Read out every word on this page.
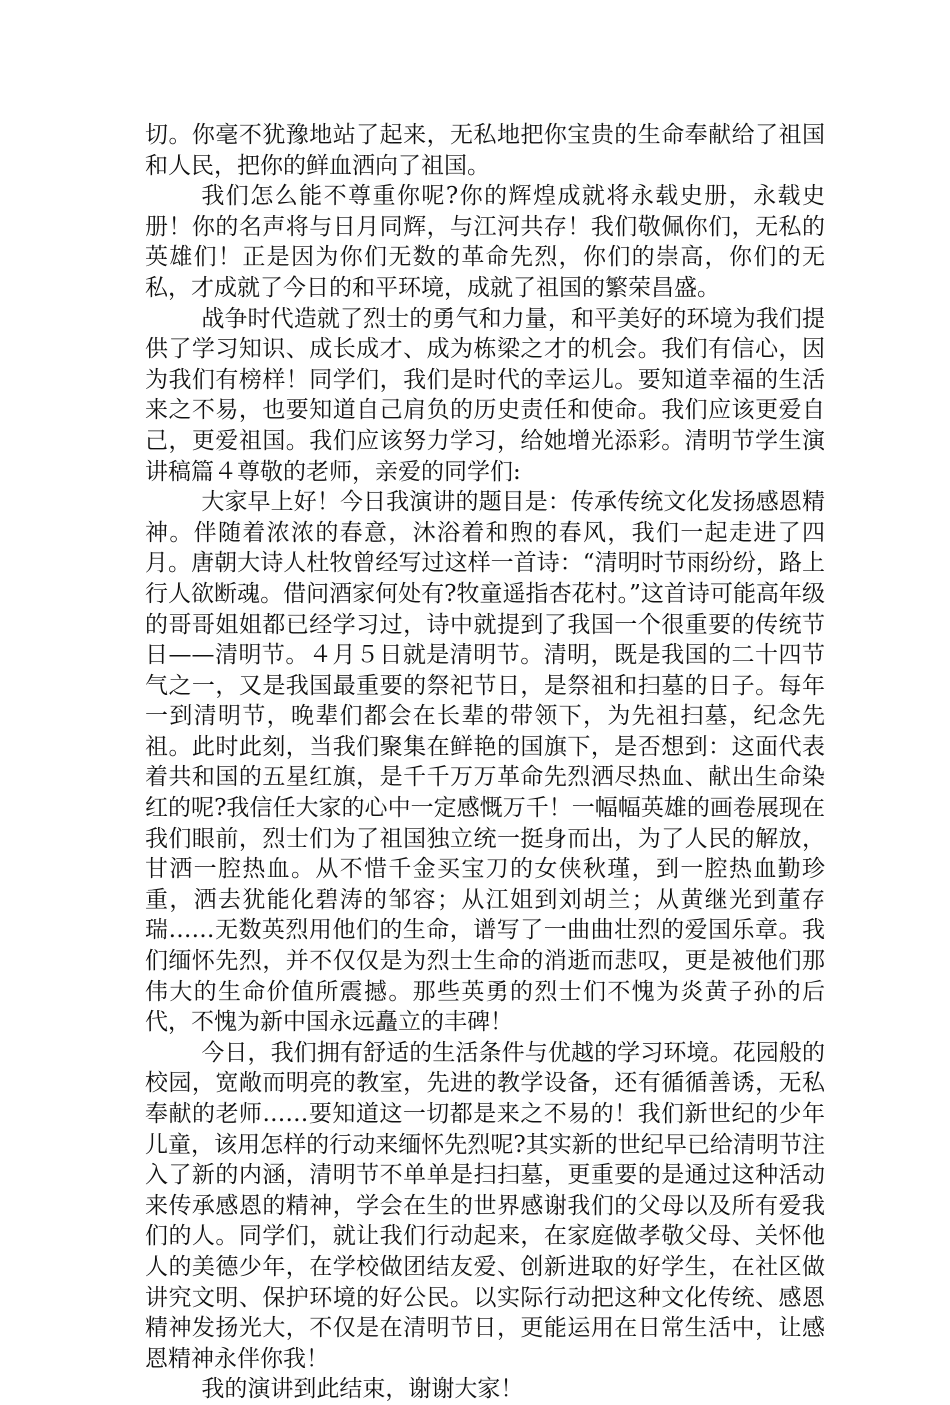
切。你毫不犹豫地站了起来，无私地把你宝贵的生命奉献给了祖国和人民，把你的鲜血洒向了祖国。

我们怎么能不尊重你呢?你的辉煌成就将永载史册，永载史册！你的名声将与日月同辉，与江河共存！我们敬佩你们，无私的英雄们！正是因为你们无数的革命先烈，你们的崇高，你们的无私，才成就了今日的和平环境，成就了祖国的繁荣昌盛。

战争时代造就了烈士的勇气和力量，和平美好的环境为我们提供了学习知识、成长成才、成为栋梁之才的机会。我们有信心，因为我们有榜样！同学们，我们是时代的幸运儿。要知道幸福的生活来之不易，也要知道自己肩负的历史责任和使命。我们应该更爱自己，更爱祖国。我们应该努力学习，给她增光添彩。清明节学生演讲稿篇４尊敬的老师，亲爱的同学们:

大家早上好！今日我演讲的题目是：传承传统文化发扬感恩精神。伴随着浓浓的春意，沐浴着和煦的春风，我们一起走进了四月。唐朝大诗人杜牧曾经写过这样一首诗：“清明时节雨纷纷，路上行人欲断魂。借问酒家何处有?牧童遥指杏花村。”这首诗可能高年级的哥哥姐姐都已经学习过，诗中就提到了我国一个很重要的传统节日——清明节。４月５日就是清明节。清明，既是我国的二十四节气之一，又是我国最重要的祭祀节日，是祭祖和扫墓的日子。每年一到清明节，晚辈们都会在长辈的带领下，为先祖扫墓，纪念先祖。此时此刻，当我们聚集在鲜艳的国旗下，是否想到：这面代表着共和国的五星红旗，是千千万万革命先烈洒尽热血、献出生命染红的呢?我信任大家的心中一定感慨万千！一幅幅英雄的画卷展现在我们眼前，烈士们为了祖国独立统一挺身而出，为了人民的解放，甘洒一腔热血。从不惜千金买宝刀的女侠秋瑾，到一腔热血勤珍重，洒去犹能化碧涛的邹容；从江姐到刘胡兰；从黄继光到董存瑞……无数英烈用他们的生命，谱写了一曲曲壮烈的爱国乐章。我们缅怀先烈，并不仅仅是为烈士生命的消逝而悲叹，更是被他们那伟大的生命价值所震撼。那些英勇的烈士们不愧为炎黄子孙的后代，不愧为新中国永远矗立的丰碑！

今日，我们拥有舒适的生活条件与优越的学习环境。花园般的校园，宽敞而明亮的教室，先进的教学设备，还有循循善诱，无私奉献的老师……要知道这一切都是来之不易的！我们新世纪的少年儿童，该用怎样的行动来缅怀先烈呢?其实新的世纪早已给清明节注入了新的内涵，清明节不单单是扫扫墓，更重要的是通过这种活动来传承感恩的精神，学会在生的世界感谢我们的父母以及所有爱我们的人。同学们，就让我们行动起来，在家庭做孝敬父母、关怀他人的美德少年，在学校做团结友爱、创新进取的好学生，在社区做讲究文明、保护环境的好公民。以实际行动把这种文化传统、感恩精神发扬光大，不仅是在清明节日，更能运用在日常生活中，让感恩精神永伴你我！

我的演讲到此结束，谢谢大家！
